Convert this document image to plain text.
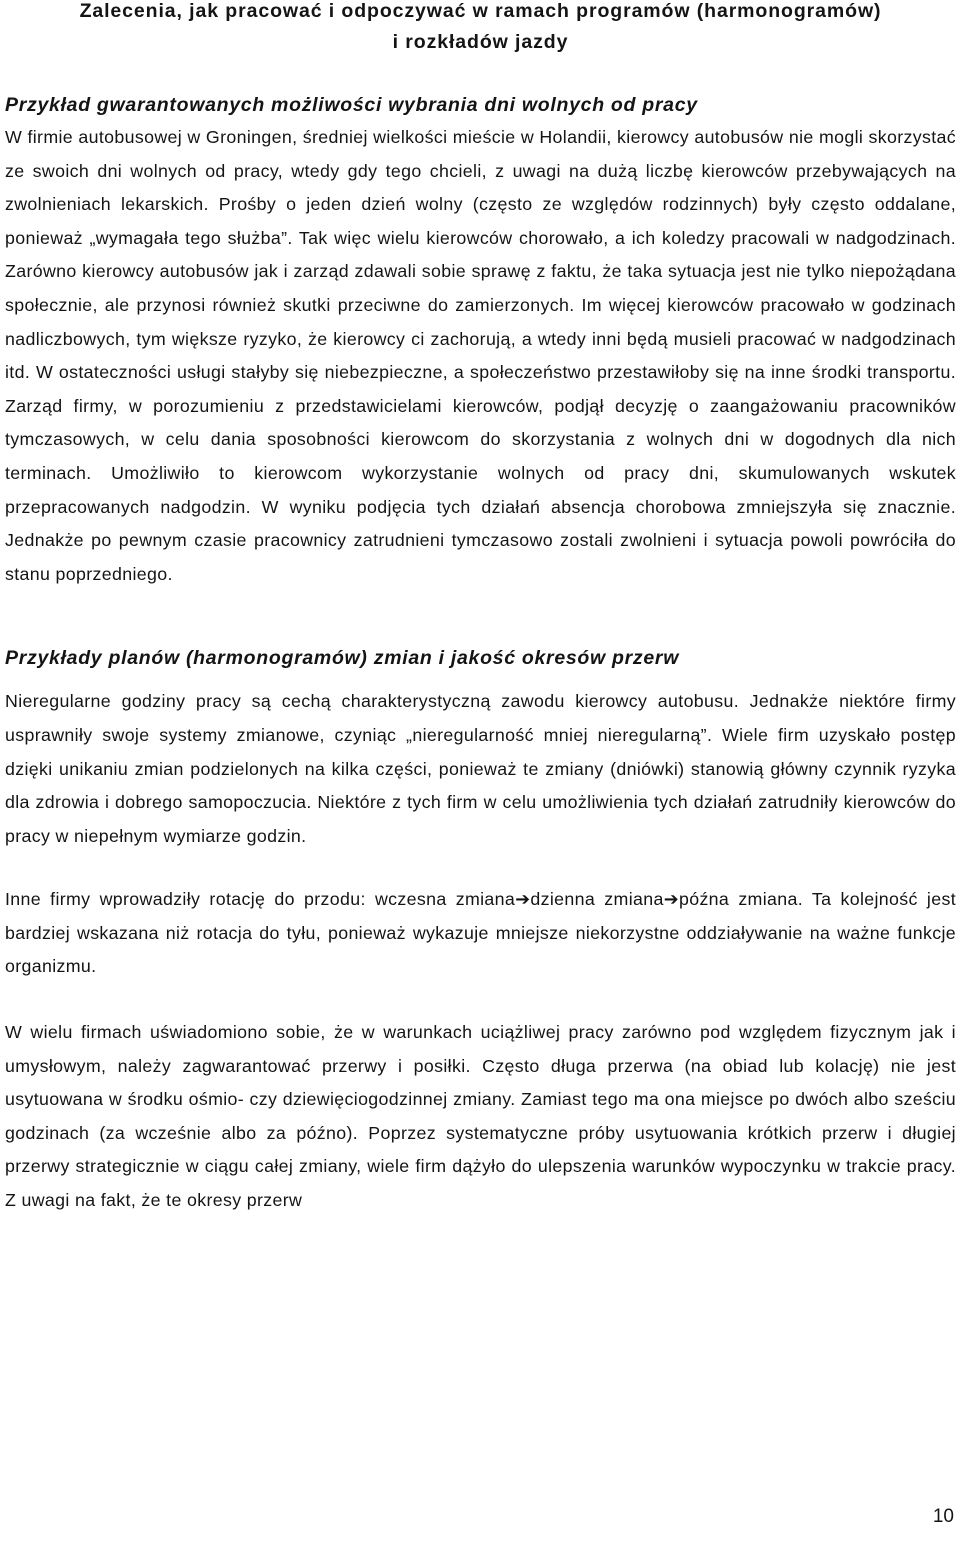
Zalecenia, jak pracować i odpoczywać w ramach programów (harmonogramów)

i rozkładów jazdy

Przykład gwarantowanych możliwości wybrania dni wolnych od pracy

W firmie autobusowej w Groningen, średniej wielkości mieście w Holandii, kierowcy autobusów nie mogli skorzystać ze swoich dni wolnych od pracy, wtedy gdy tego chcieli, z uwagi na dużą liczbę kierowców przebywających na zwolnieniach lekarskich. Prośby o jeden dzień wolny (często ze względów rodzinnych) były często oddalane, ponieważ „wymagała tego służba”. Tak więc wielu kierowców chorowało, a ich koledzy pracowali w nadgodzinach. Zarówno kierowcy autobusów jak i zarząd zdawali sobie sprawę z faktu, że taka sytuacja jest nie tylko niepożądana społecznie, ale przynosi również skutki przeciwne do zamierzonych. Im więcej kierowców pracowało w godzinach nadliczbowych, tym większe ryzyko, że kierowcy ci zachorują, a wtedy inni będą musieli pracować w nadgodzinach itd. W ostateczności usługi stałyby się niebezpieczne, a społeczeństwo przestawiłoby się na inne środki transportu. Zarząd firmy, w porozumieniu z przedstawicielami kierowców, podjął decyzję o zaangażowaniu pracowników tymczasowych, w celu dania sposobności kierowcom do skorzystania z wolnych dni w dogodnych dla nich terminach. Umożliwiło to kierowcom wykorzystanie wolnych od pracy dni, skumulowanych wskutek przepracowanych nadgodzin. W wyniku podjęcia tych działań absencja chorobowa zmniejszyła się znacznie. Jednakże po pewnym czasie pracownicy zatrudnieni tymczasowo zostali zwolnieni i sytuacja powoli powróciła do stanu poprzedniego.

Przykłady planów (harmonogramów) zmian i jakość okresów przerw

Nieregularne godziny pracy są cechą charakterystyczną zawodu kierowcy autobusu. Jednakże niektóre firmy usprawniły swoje systemy zmianowe, czyniąc „nieregularność mniej nieregularną”. Wiele firm uzyskało postęp dzięki unikaniu zmian podzielonych na kilka części, ponieważ te zmiany (dniówki) stanowią główny czynnik ryzyka dla zdrowia i dobrego samopoczucia. Niektóre z tych firm w celu umożliwienia tych działań zatrudniły kierowców do pracy w niepełnym wymiarze godzin.

Inne firmy wprowadziły rotację do przodu: wczesna zmiana➔dzienna zmiana➔późna zmiana. Ta kolejność jest bardziej wskazana niż rotacja do tyłu, ponieważ wykazuje mniejsze niekorzystne oddziaływanie na ważne funkcje organizmu.

W wielu firmach uświadomiono sobie, że w warunkach uciążliwej pracy zarówno pod względem fizycznym jak i umysłowym, należy zagwarantować przerwy i posiłki. Często długa przerwa (na obiad lub kolację) nie jest usytuowana w środku ośmio- czy dziewięciogodzinnej zmiany. Zamiast tego ma ona miejsce po dwóch albo sześciu godzinach (za wcześnie albo za późno). Poprzez systematyczne próby usytuowania krótkich przerw i długiej przerwy strategicznie w ciągu całej zmiany, wiele firm dążyło do ulepszenia warunków wypoczynku w trakcie pracy. Z uwagi na fakt, że te okresy przerw

10
